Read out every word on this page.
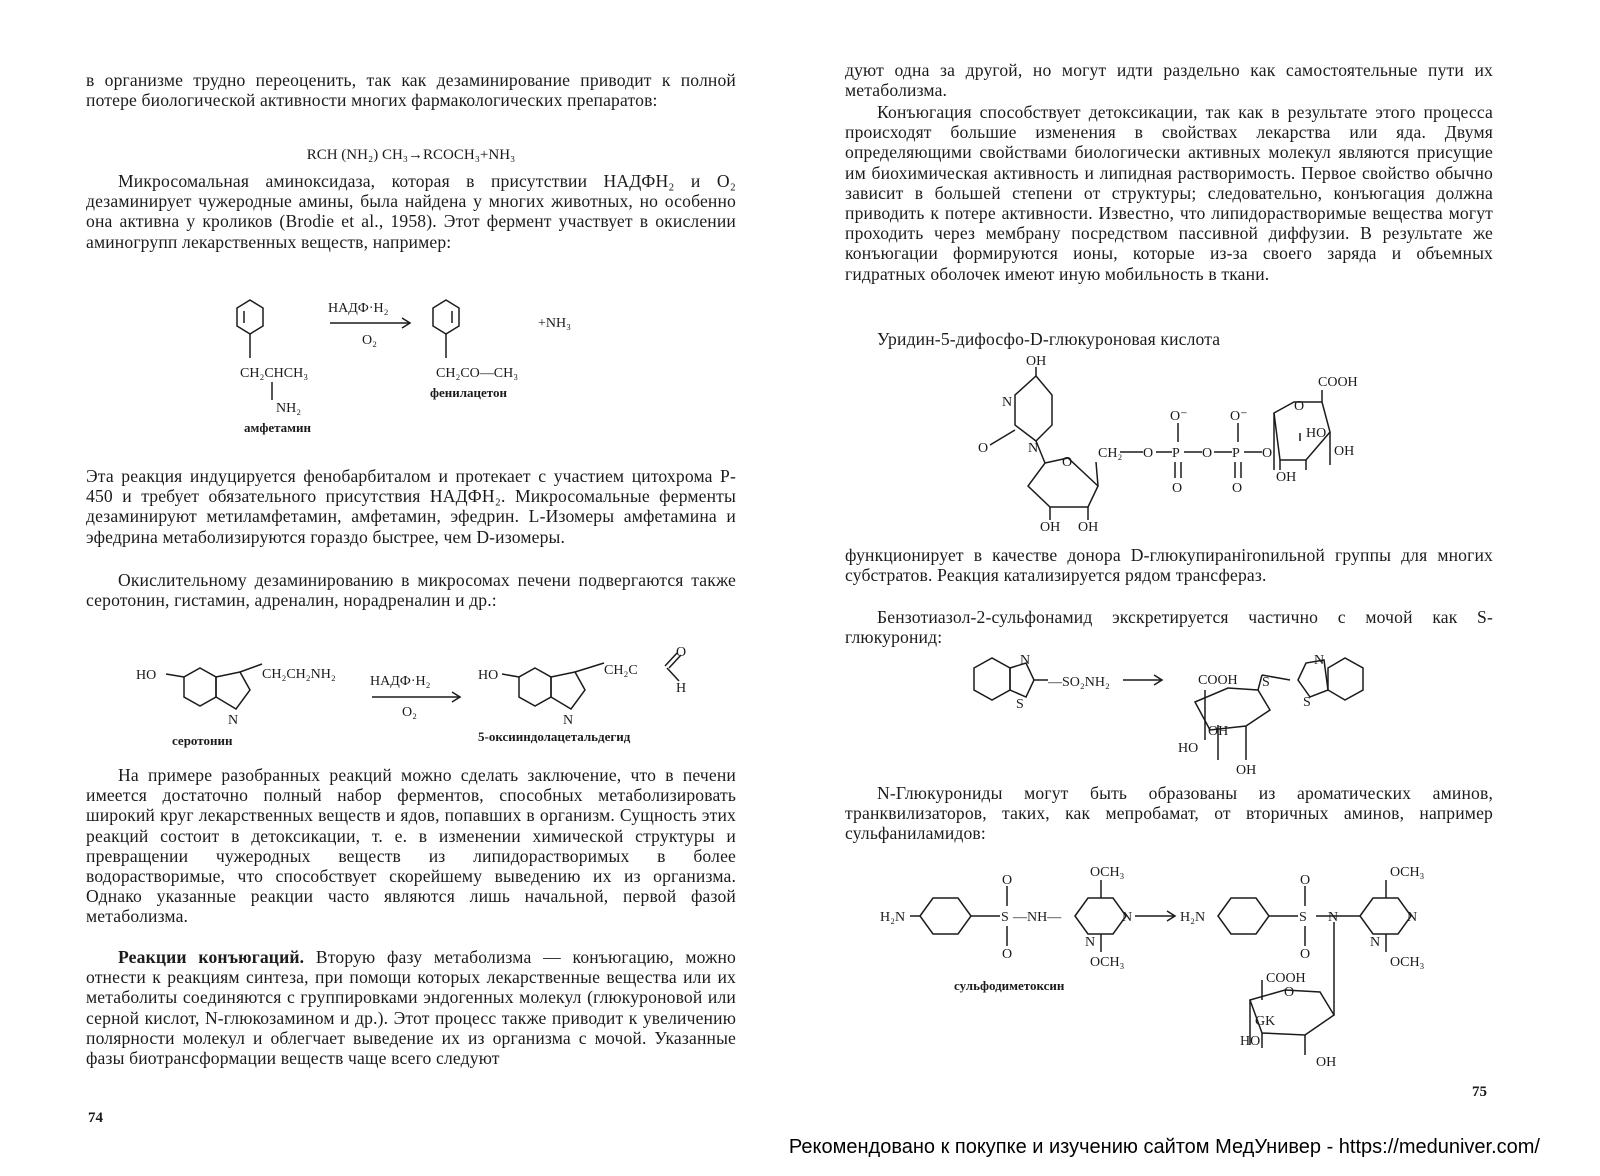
в организме трудно переоценить, так как дезаминирование приводит к полной потере биологической активности многих фармакологических препаратов:

RCH (NH₂) CH₃→RCOCH₃+NH₃

Микросомальная аминоксидаза, которая в присутствии НАДФН₂ и O₂ дезаминирует чужеродные амины, была найдена у многих животных, но особенно она активна у кроликов (Brodie et al., 1958). Этот фермент участвует в окислении аминогрупп лекарственных веществ, например:

НАДФ·H₂
O₂
+NH₃
CH₂CHCH₃
NH₂
амфетамин
CH₂CO—CH₃
фенилацетон

Эта реакция индуцируется фенобарбиталом и протекает с участием цитохрома P-450 и требует обязательного присутствия НАДФН₂. Микросомальные ферменты дезаминируют метиламфетамин, амфетамин, эфедрин. L-Изомеры амфетамина и эфедрина метаболизируются гораздо быстрее, чем D-изомеры.

Окислительному дезаминированию в микросомах печени подвергаются также серотонин, гистамин, адреналин, норадреналин и др.:

HO	CH₂CH₂NH₂
N
НАДФ·H₂
O₂
HO	CH₂C
O
H
N
серотонин	5-оксииндолацетальдегид

На примере разобранных реакций можно сделать заключение, что в печени имеется достаточно полный набор ферментов, способных метаболизировать широкий круг лекарственных веществ и ядов, попавших в организм. Сущность этих реакций состоит в детоксикации, т. е. в изменении химической структуры и превращении чужеродных веществ из липидорастворимых в более водорастворимые, что способствует скорейшему выведению их из организма. Однако указанные реакции часто являются лишь начальной, первой фазой метаболизма.

Реакции конъюгаций. Вторую фазу метаболизма — конъюгацию, можно отнести к реакциям синтеза, при помощи которых лекарственные вещества или их метаболиты соединяются с группировками эндогенных молекул (глюкуроновой или серной кислот, N-глюкозамином и др.). Этот процесс также приводит к увеличению полярности молекул и облегчает выведение их из организма с мочой. Указанные фазы биотрансформации веществ чаще всего следуют

74

дуют одна за другой, но могут идти раздельно как самостоятельные пути их метаболизма.

Конъюгация способствует детоксикации, так как в результате этого процесса происходят большие изменения в свойствах лекарства или яда. Двумя определяющими свойствами биологически активных молекул являются присущие им биохимическая активность и липидная растворимость. Первое свойство обычно зависит в большей степени от структуры; следовательно, конъюгация должна приводить к потере активности. Известно, что липидорастворимые вещества могут проходить через мембрану посредством пассивной диффузии. В результате же конъюгации формируются ионы, которые из-за своего заряда и объемных гидратных оболочек имеют иную мобильность в ткани.

Уридин-5-дифосфо-D-глюкуроновая кислота
OH
N
N
O
O
CH₂ O P O P O
O⁻	O⁻
O	O
COOH
O
HO
OH
OH
OH OH

функционирует в качестве донора D-глюкупиранironильной группы для многих субстратов. Реакция катализируется рядом трансфераз.

Бензотиазол-2-сульфонамид экскретируется частично с мочой как S-глюкуронид:

N
S
—SO₂NH₂	COOH S
N
S
OH
HO
OH

N-Глюкурониды могут быть образованы из ароматических аминов, транквилизаторов, таких, как мепробамат, от вторичных аминов, например сульфаниламидов:

H₂N	S
O
O
—NH—
OCH₃
OCH₃
N
N
H₂N	S
O
O
N
OCH₃
OCH₃
N
N
сульфодиметоксин	COOH
O
GK
HO
OH
75
Рекомендовано к покупке и изучению сайтом МедУнивер - https://meduniver.com/
